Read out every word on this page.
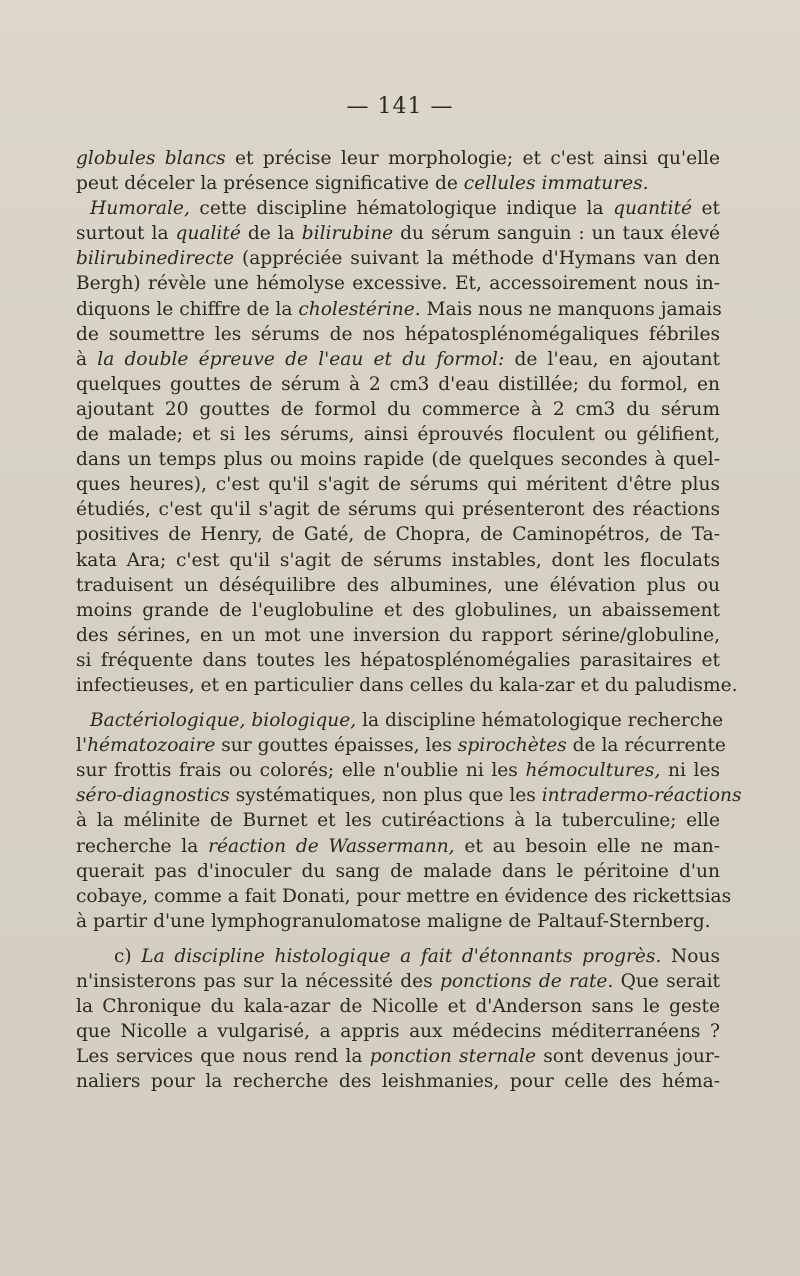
— 141 —

globules blancs et précise leur morphologie; et c'est ainsi qu'elle
peut déceler la présence significative de cellules immatures.

Humorale, cette discipline hématologique indique la quantité et
surtout la qualité de la bilirubine du sérum sanguin : un taux élevé
bilirubinedirecte (appréciée suivant la méthode d'Hymans van den
Bergh) révèle une hémolyse excessive. Et, accessoirement nous in-
diquons le chiffre de la cholestérine. Mais nous ne manquons jamais
de soumettre les sérums de nos hépatosplénomégaliques fébriles
à la double épreuve de l'eau et du formol: de l'eau, en ajoutant
quelques gouttes de sérum à 2 cm3 d'eau distillée; du formol, en
ajoutant 20 gouttes de formol du commerce à 2 cm3 du sérum
de malade; et si les sérums, ainsi éprouvés floculent ou gélifient,
dans un temps plus ou moins rapide (de quelques secondes à quel-
ques heures), c'est qu'il s'agit de sérums qui méritent d'être plus
étudiés, c'est qu'il s'agit de sérums qui présenteront des réactions
positives de Henry, de Gaté, de Chopra, de Caminopétros, de Ta-
kata Ara; c'est qu'il s'agit de sérums instables, dont les floculats
traduisent un déséquilibre des albumines, une élévation plus ou
moins grande de l'euglobuline et des globulines, un abaissement
des sérines, en un mot une inversion du rapport sérine/globuline,
si fréquente dans toutes les hépatosplénomégalies parasitaires et
infectieuses, et en particulier dans celles du kala-zar et du paludisme.

Bactériologique, biologique, la discipline hématologique recherche
l'hématozoaire sur gouttes épaisses, les spirochètes de la récurrente
sur frottis frais ou colorés; elle n'oublie ni les hémocultures, ni les
séro-diagnostics systématiques, non plus que les intradermo-réactions
à la mélinite de Burnet et les cutiréactions à la tuberculine; elle
recherche la réaction de Wassermann, et au besoin elle ne man-
querait pas d'inoculer du sang de malade dans le péritoine d'un
cobaye, comme a fait Donati, pour mettre en évidence des rickettsias
à partir d'une lymphogranulomatose maligne de Paltauf-Sternberg.

c) La discipline histologique a fait d'étonnants progrès. Nous
n'insisterons pas sur la nécessité des ponctions de rate. Que serait
la Chronique du kala-azar de Nicolle et d'Anderson sans le geste
que Nicolle a vulgarisé, a appris aux médecins méditerranéens ?
Les services que nous rend la ponction sternale sont devenus jour-
naliers pour la recherche des leishmanies, pour celle des héma-
